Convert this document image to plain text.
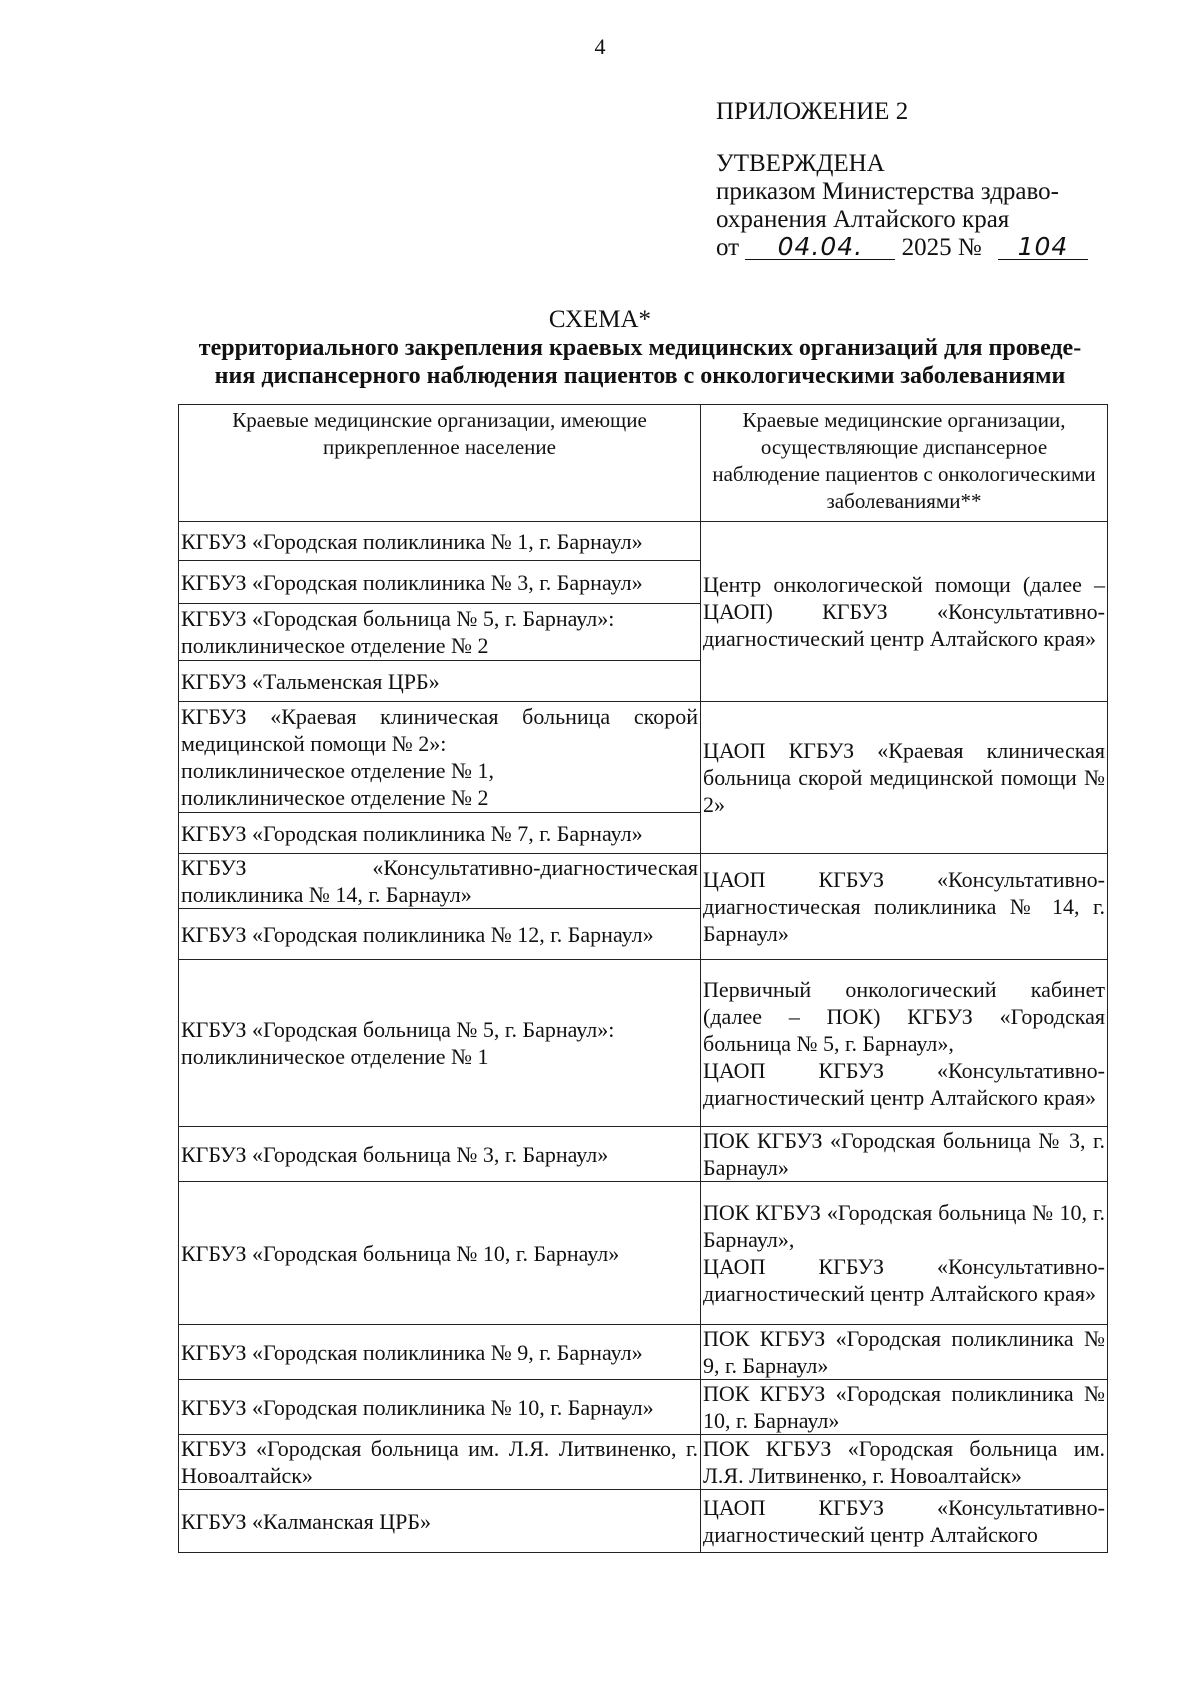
4
ПРИЛОЖЕНИЕ 2
УТВЕРЖДЕНА
приказом Министерства здраво-
охранения Алтайского края
от 04.04. 2025 № 104
СХЕМА*
территориального закрепления краевых медицинских организаций для проведе-
ния диспансерного наблюдения пациентов с онкологическими заболеваниями
Краевые медицинские организации, имеющие прикрепленное население	Краевые медицинские организации, осуществляющие диспансерное наблюдение пациентов с онкологическими заболеваниями**

КГБУЗ «Городская поликлиника № 1, г. Барнаул»	Центр онкологической помощи (далее – ЦАОП) КГБУЗ «Консультативно-диагностический центр Алтайского края»

КГБУЗ «Городская поликлиника № 3, г. Барнаул»	

КГБУЗ «Городская больница № 5, г. Барнаул»:
поликлиническое отделение № 2	

КГБУЗ «Тальменская ЦРБ»	

КГБУЗ «Краевая клиническая больница скорой медицинской помощи № 2»:
поликлиническое отделение № 1,
поликлиническое отделение № 2	ЦАОП КГБУЗ «Краевая клиническая больница скорой медицинской помощи № 2»

КГБУЗ «Городская поликлиника № 7, г. Барнаул»	

КГБУЗ «Консультативно-диагностическая поликлиника № 14, г. Барнаул»	ЦАОП КГБУЗ «Консультативно-диагностическая поликлиника № 14, г. Барнаул»

КГБУЗ «Городская поликлиника № 12, г. Барнаул»	

КГБУЗ «Городская больница № 5, г. Барнаул»:
поликлиническое отделение № 1	Первичный онкологический кабинет (далее – ПОК) КГБУЗ «Городская больница № 5, г. Барнаул»,
ЦАОП КГБУЗ «Консультативно-диагностический центр Алтайского края»

КГБУЗ «Городская больница № 3, г. Барнаул»	ПОК КГБУЗ «Городская больница № 3, г. Барнаул»

КГБУЗ «Городская больница № 10, г. Барнаул»	ПОК КГБУЗ «Городская больница № 10, г. Барнаул»,
ЦАОП КГБУЗ «Консультативно-диагностический центр Алтайского края»

КГБУЗ «Городская поликлиника № 9, г. Барнаул»	ПОК КГБУЗ «Городская поликлиника № 9, г. Барнаул»

КГБУЗ «Городская поликлиника № 10, г. Барнаул»	ПОК КГБУЗ «Городская поликлиника № 10, г. Барнаул»

КГБУЗ «Городская больница им. Л.Я. Литвиненко, г. Новоалтайск»	ПОК КГБУЗ «Городская больница им. Л.Я. Литвиненко, г. Новоалтайск»

КГБУЗ «Калманская ЦРБ»	ЦАОП КГБУЗ «Консультативно-диагностический центр Алтайского
